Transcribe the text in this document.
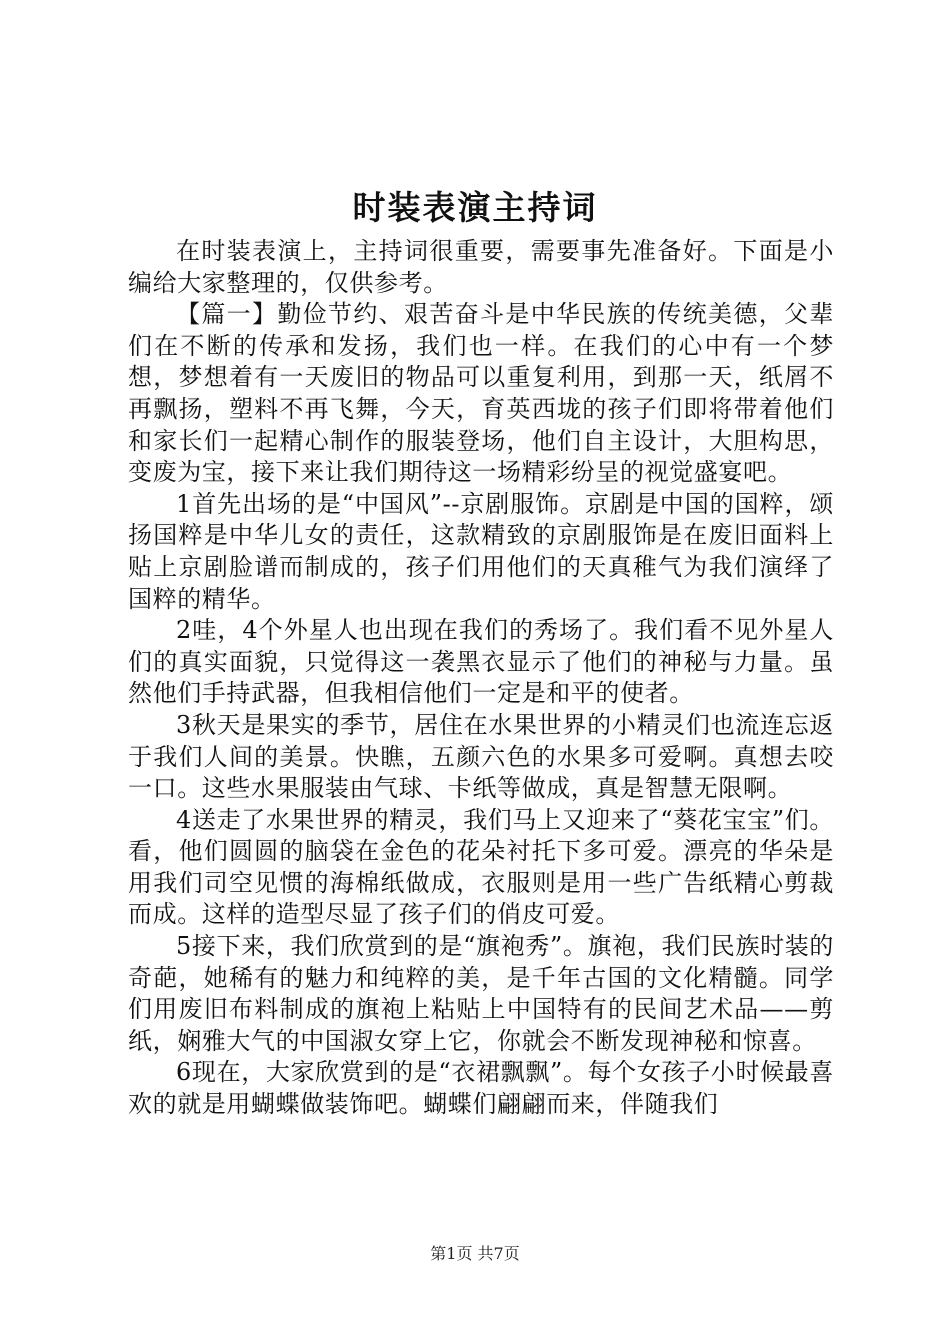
时装表演主持词

在时装表演上，主持词很重要，需要事先准备好。下面是小编给大家整理的，仅供参考。

【篇一】勤俭节约、艰苦奋斗是中华民族的传统美德，父辈们在不断的传承和发扬，我们也一样。在我们的心中有一个梦想，梦想着有一天废旧的物品可以重复利用，到那一天，纸屑不再飘扬，塑料不再飞舞，今天，育英西垅的孩子们即将带着他们和家长们一起精心制作的服装登场，他们自主设计，大胆构思，变废为宝，接下来让我们期待这一场精彩纷呈的视觉盛宴吧。

1首先出场的是“中国风”--京剧服饰。京剧是中国的国粹，颂扬国粹是中华儿女的责任，这款精致的京剧服饰是在废旧面料上贴上京剧脸谱而制成的，孩子们用他们的天真稚气为我们演绎了国粹的精华。

2哇，4个外星人也出现在我们的秀场了。我们看不见外星人们的真实面貌，只觉得这一袭黑衣显示了他们的神秘与力量。虽然他们手持武器，但我相信他们一定是和平的使者。

3秋天是果实的季节，居住在水果世界的小精灵们也流连忘返于我们人间的美景。快瞧，五颜六色的水果多可爱啊。真想去咬一口。这些水果服装由气球、卡纸等做成，真是智慧无限啊。

4送走了水果世界的精灵，我们马上又迎来了“葵花宝宝”们。看，他们圆圆的脑袋在金色的花朵衬托下多可爱。漂亮的华朵是用我们司空见惯的海棉纸做成，衣服则是用一些广告纸精心剪裁而成。这样的造型尽显了孩子们的俏皮可爱。

5接下来，我们欣赏到的是“旗袍秀”。旗袍，我们民族时装的奇葩，她稀有的魅力和纯粹的美，是千年古国的文化精髓。同学们用废旧布料制成的旗袍上粘贴上中国特有的民间艺术品——剪纸，娴雅大气的中国淑女穿上它，你就会不断发现神秘和惊喜。

6现在，大家欣赏到的是“衣裙飘飘”。每个女孩子小时候最喜欢的就是用蝴蝶做装饰吧。蝴蝶们翩翩而来，伴随我们

第1页 共7页
